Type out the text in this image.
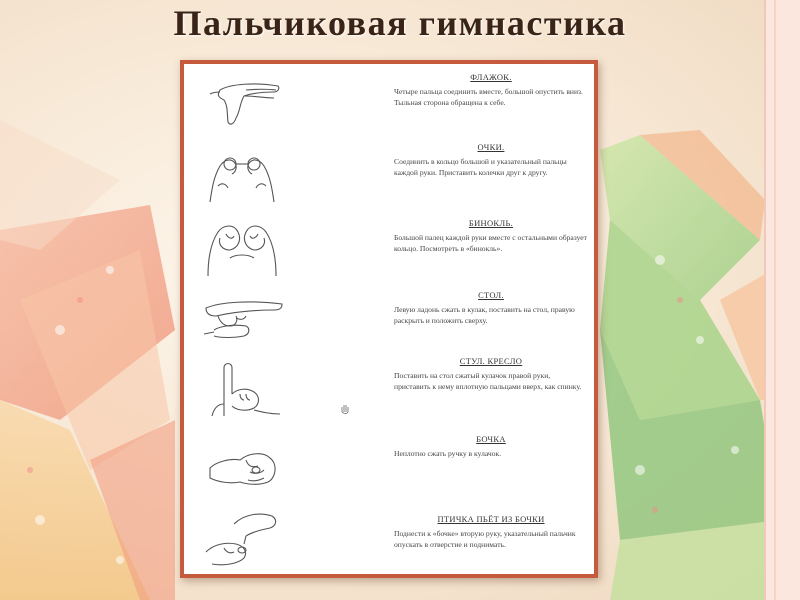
Пальчиковая гимнастика
ФЛАЖОК.

Четыре пальца соединить вместе, большой опустить вниз. Тыльная сторона обращена к себе.

ОЧКИ.

Соединить в кольцо большой и указательный пальцы каждой руки. Приставить колечки друг к другу.

БИНОКЛЬ.

Большой палец каждой руки вместе с остальными образует кольцо. Посмотреть в «бинокль».

СТОЛ.

Левую ладонь сжать в кулак, поставить на стол, правую раскрыть и положить сверху.

СТУЛ. КРЕСЛО

Поставить на стол сжатый кулачок правой руки, приставить к нему вплотную пальцами вверх, как спинку.

БОЧКА

Неплотно сжать ручку в кулачок.

ПТИЧКА ПЬЁТ ИЗ БОЧКИ

Поднести к «бочке» вторую руку, указательный пальчик опускать в отверстие и поднимать.
